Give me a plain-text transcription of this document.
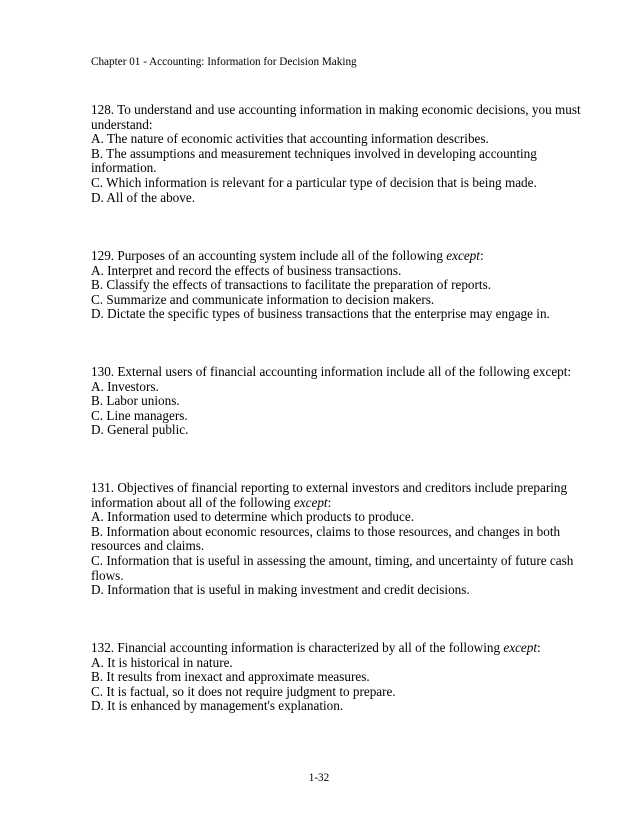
Chapter 01 - Accounting: Information for Decision Making
128. To understand and use accounting information in making economic decisions, you must
understand:
A. The nature of economic activities that accounting information describes.
B. The assumptions and measurement techniques involved in developing accounting
information.
C. Which information is relevant for a particular type of decision that is being made.
D. All of the above.
129. Purposes of an accounting system include all of the following except:
A. Interpret and record the effects of business transactions.
B. Classify the effects of transactions to facilitate the preparation of reports.
C. Summarize and communicate information to decision makers.
D. Dictate the specific types of business transactions that the enterprise may engage in.
130. External users of financial accounting information include all of the following except:
A. Investors.
B. Labor unions.
C. Line managers.
D. General public.
131. Objectives of financial reporting to external investors and creditors include preparing
information about all of the following except:
A. Information used to determine which products to produce.
B. Information about economic resources, claims to those resources, and changes in both
resources and claims.
C. Information that is useful in assessing the amount, timing, and uncertainty of future cash
flows.
D. Information that is useful in making investment and credit decisions.
132. Financial accounting information is characterized by all of the following except:
A. It is historical in nature.
B. It results from inexact and approximate measures.
C. It is factual, so it does not require judgment to prepare.
D. It is enhanced by management's explanation.
1-32
